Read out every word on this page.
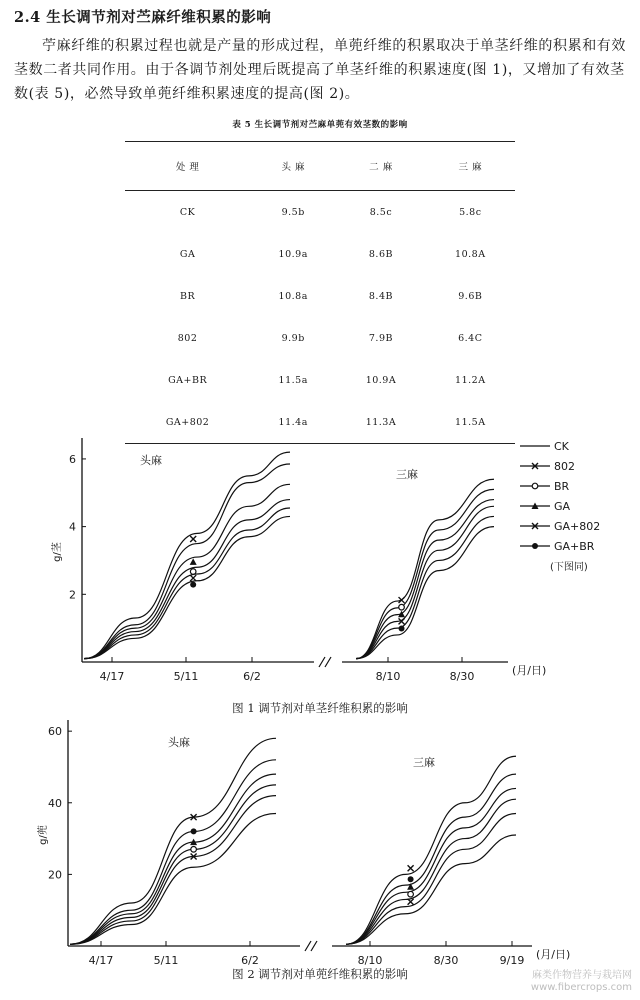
2.4 生长调节剂对苎麻纤维积累的影响

苧麻纤维的积累过程也就是产量的形成过程，单蔸纤维的积累取决于单茎纤维的积累和有效茎数二者共同作用。由于各调节剂处理后既提高了单茎纤维的积累速度(图 1)，又增加了有效茎数(表 5)，必然导致单蔸纤维积累速度的提高(图 2)。

表 5 生长调节剂对苎麻单蔸有效茎数的影响
处 理	头 麻	二 麻	三 麻
CK	9.5b	8.5c	5.8c
GA	10.9a	8.6B	10.8A
BR	10.8a	8.4B	9.6B
802	9.9b	7.9B	6.4C
GA+BR	11.5a	10.9A	11.2A
GA+802	11.4a	11.3A	11.5A
2
4
6
g/茎
4/17	5/11	6/2
头麻
8/10	8/30
三麻
(月/日)
图 1 调节剂对单茎纤维积累的影响
CK
802
BR
GA
GA+802
GA+BR
(下图同)
20
40
60
g/蔸
4/17	5/11	6/2
头麻
8/10	8/30	9/19
三麻
(月/日)
图 2 调节剂对单蔸纤维积累的影响	麻类作物营养与栽培网
www.fibercrops.com
